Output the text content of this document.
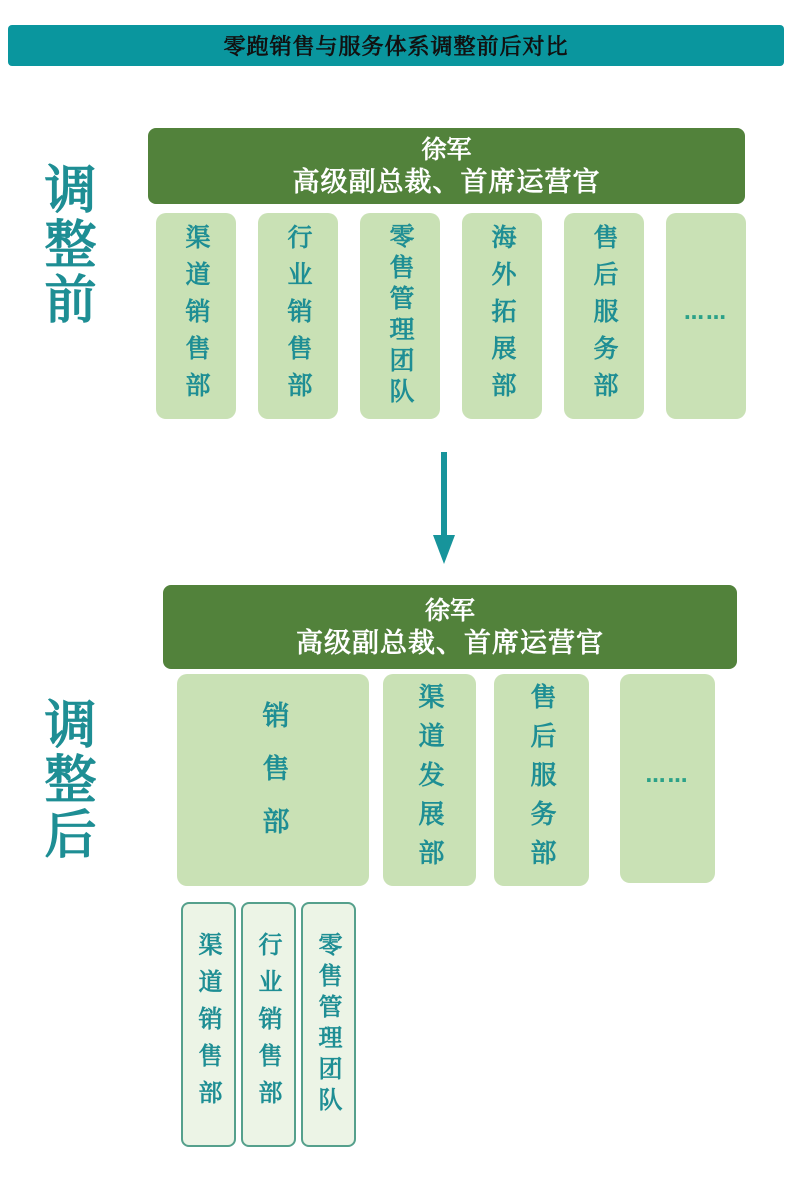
零跑销售与服务体系调整前后对比
调整前
徐军
高级副总裁、首席运营官
渠道销售部	行业销售部	零售管理团队	海外拓展部	售后服务部	……
调整后
徐军
高级副总裁、首席运营官
销售部	渠道发展部	售后服务部	……
渠道销售部 行业销售部 零售管理团队
